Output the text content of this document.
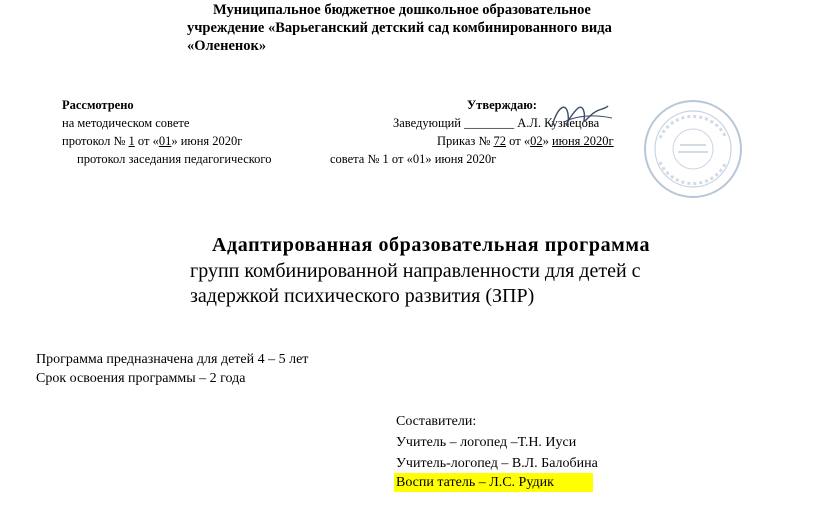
Муниципальное бюджетное дошкольное образовательное
учреждение «Варьеганский детский сад комбинированного вида
«Олененок»
Рассмотрено
на методическом совете
протокол № 1 от «01» июня 2020г
протокол заседания педагогического
Утверждаю:
Заведующий ________ А.Л. Кузнецова
Приказ № 72 от «02» июня 2020г
совета № 1 от «01» июня 2020г
Адаптированная образовательная программа
групп комбинированной направленности для детей с
задержкой психического развития (ЗПР)
Программа предназначена для детей 4 – 5 лет
Срок освоения программы – 2 года
Составители:
Учитель – логопед –Т.Н. Иуси
Учитель-логопед – В.Л. Балобина
Воспи татель – Л.С. Рудик
